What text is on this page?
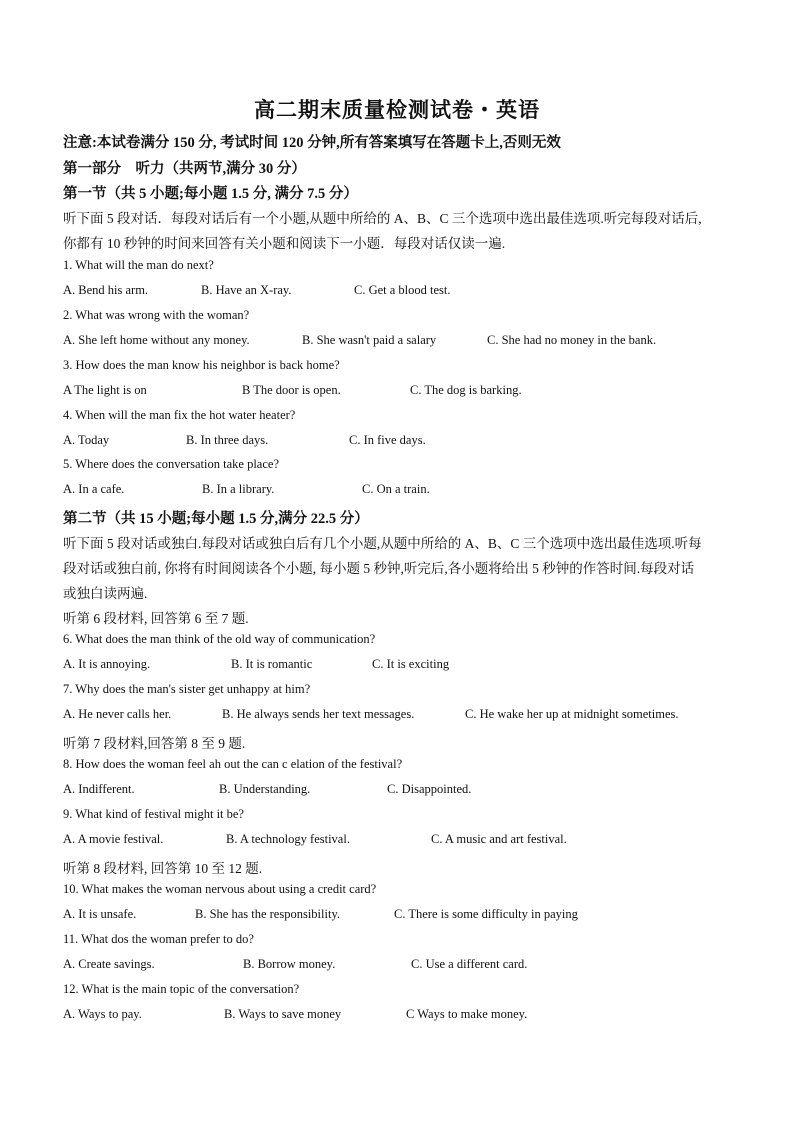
高二期末质量检测试卷・英语
注意:本试卷满分 150 分, 考试时间 120 分钟,所有答案填写在答题卡上,否则无效
第一部分　听力（共两节,满分 30 分）
第一节（共 5 小题;每小题 1.5 分, 满分 7.5 分）
听下面 5 段对话．每段对话后有一个小题,从题中所给的 A、B、C 三个选项中选出最佳选项.听完每段对话后,
你都有 10 秒钟的时间来回答有关小题和阅读下一小题．每段对话仅读一遍.
1. What will the man do next?
A. Bend his arm.	B. Have an X-ray.	C. Get a blood test.
2. What was wrong with the woman?
A. She left home without any money.	B. She wasn't paid a salary	C. She had no money in the bank.
3. How does the man know his neighbor is back home?
A The light is on	B The door is open.	C. The dog is barking.
4. When will the man fix the hot water heater?
A. Today	B. In three days.	C. In five days.
5. Where does the conversation take place?
A. In a cafe.	B. In a library.	C. On a train.
第二节（共 15 小题;每小题 1.5 分,满分 22.5 分）
听下面 5 段对话或独白.每段对话或独白后有几个小题,从题中所给的 A、B、C 三个选项中选出最佳选项.听每
段对话或独白前, 你将有时间阅读各个小题, 每小题 5 秒钟,听完后,各小题将给出 5 秒钟的作答时间.每段对话
或独白读两遍.
听第 6 段材料, 回答第 6 至 7 题.
6. What does the man think of the old way of communication?
A. It is annoying.	B. It is romantic	C. It is exciting
7. Why does the man's sister get unhappy at him?
A. He never calls her.	B. He always sends her text messages.	C. He wake her up at midnight sometimes.
听第 7 段材料,回答第 8 至 9 题.
8. How does the woman feel ah out the can c elation of the festival?
A. Indifferent.	B. Understanding.	C. Disappointed.
9. What kind of festival might it be?
A. A movie festival.	B. A technology festival.	C. A music and art festival.
听第 8 段材料, 回答第 10 至 12 题.
10. What makes the woman nervous about using a credit card?
A. It is unsafe.	B. She has the responsibility.	C. There is some difficulty in paying
11. What dos the woman prefer to do?
A. Create savings.	B. Borrow money.	C. Use a different card.
12. What is the main topic of the conversation?
A. Ways to pay.	B. Ways to save money	C Ways to make money.
